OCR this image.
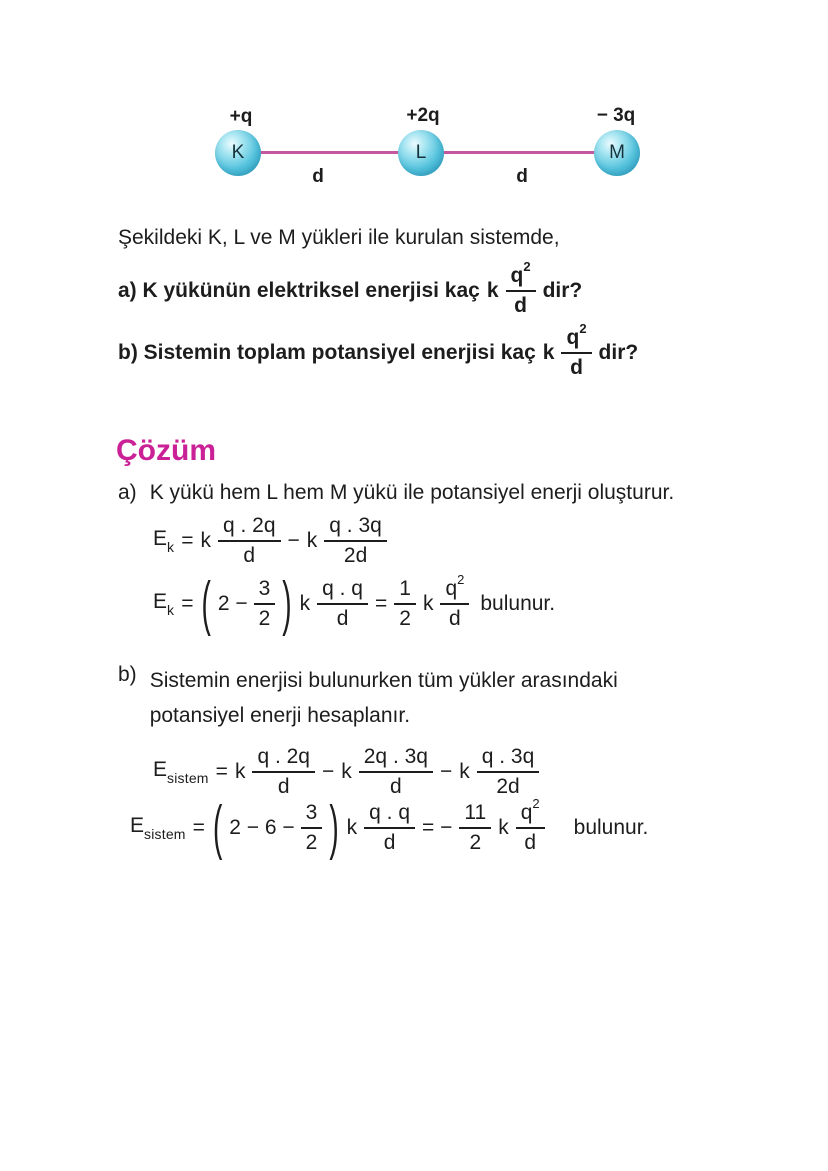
K	L	M
+q	+2q	− 3q
d	d
Şekildeki K, L ve M yükleri ile kurulan sistemde,
a) K yükünün elektriksel enerjisi kaç k $\frac{q^2}{d}$ dir?
b) Sistemin toplam potansiyel enerjisi kaç k $\frac{q^2}{d}$ dir?
Çözüm
a) K yükü hem L hem M yükü ile potansiyel enerji oluşturur.
$E_k = k \frac{q . 2q}{d} - k \frac{q . 3q}{2d}$
$E_k$ = ( $2 - \frac{3}{2}$ ) k $\frac{q . q}{d} = \frac{1}{2}$ k $\frac{q^2}{d}$ bulunur.
b) Sistemin enerjisi bulunurken tüm yükler arasındaki
potansiyel enerji hesaplanır.
$E_{sistem} = k \frac{q . 2q}{d} - k \frac{2q . 3q}{d} - k \frac{q . 3q}{2d}$
$E_{sistem}$ = ( $2 - 6 - \frac{3}{2}$ ) k $\frac{q . q}{d}$ = − $\frac{11}{2}$ k $\frac{q^2}{d}$ bulunur.
